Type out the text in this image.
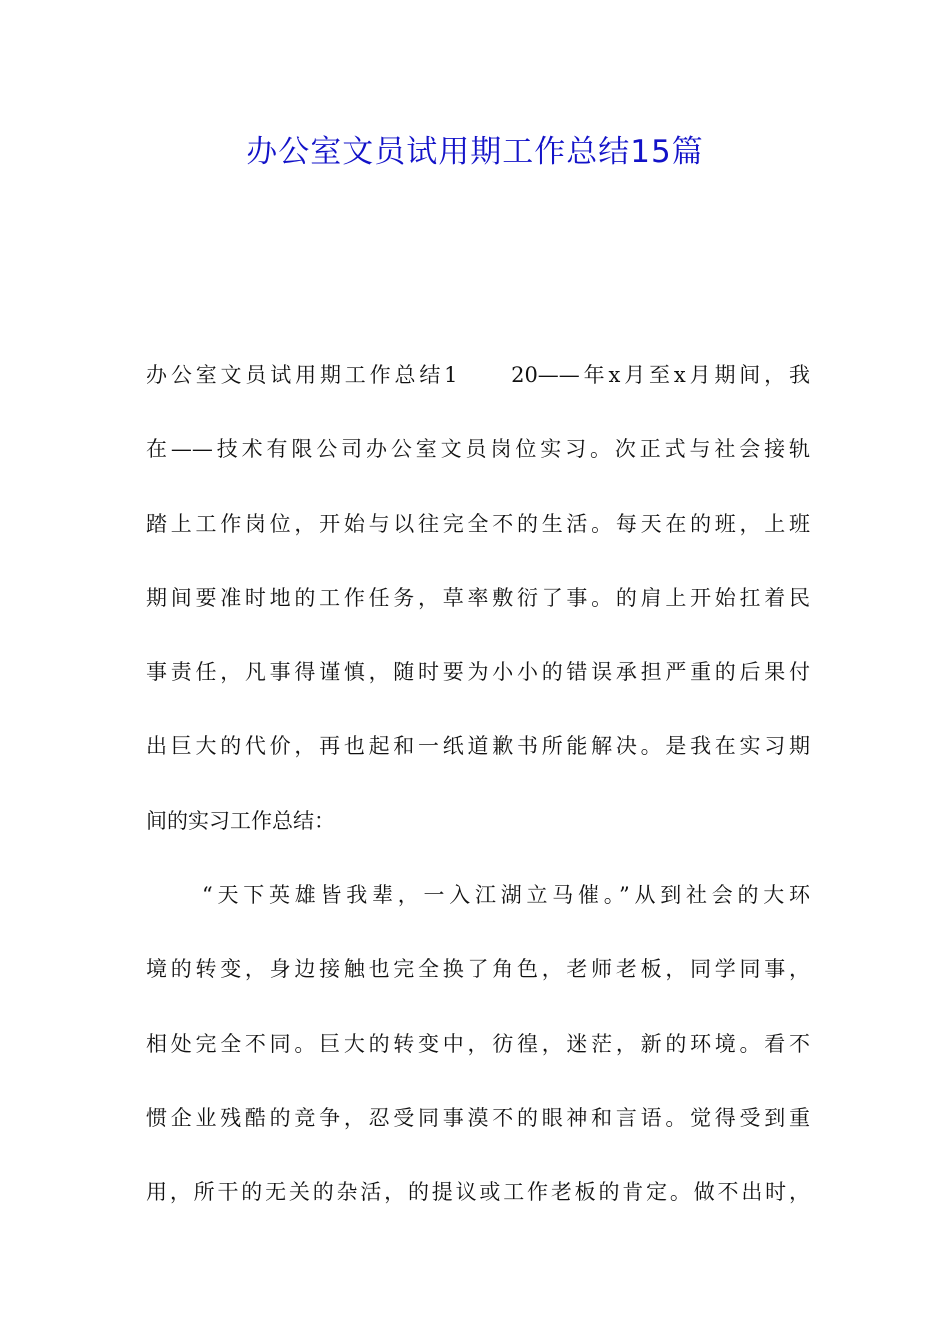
办公室文员试用期工作总结15篇
办公室文员试用期工作总结1　　20——年x月至x月期间，我
在——技术有限公司办公室文员岗位实习。次正式与社会接轨
踏上工作岗位，开始与以往完全不的生活。每天在的班，上班
期间要准时地的工作任务，草率敷衍了事。的肩上开始扛着民
事责任，凡事得谨慎，随时要为小小的错误承担严重的后果付
出巨大的代价，再也起和一纸道歉书所能解决。是我在实习期
间的实习工作总结：
“天下英雄皆我辈，一入江湖立马催。”从到社会的大环
境的转变，身边接触也完全换了角色，老师老板，同学同事，
相处完全不同。巨大的转变中，彷徨，迷茫，新的环境。看不
惯企业残酷的竞争，忍受同事漠不的眼神和言语。觉得受到重
用，所干的无关的杂活，的提议或工作老板的肯定。做不出时，
